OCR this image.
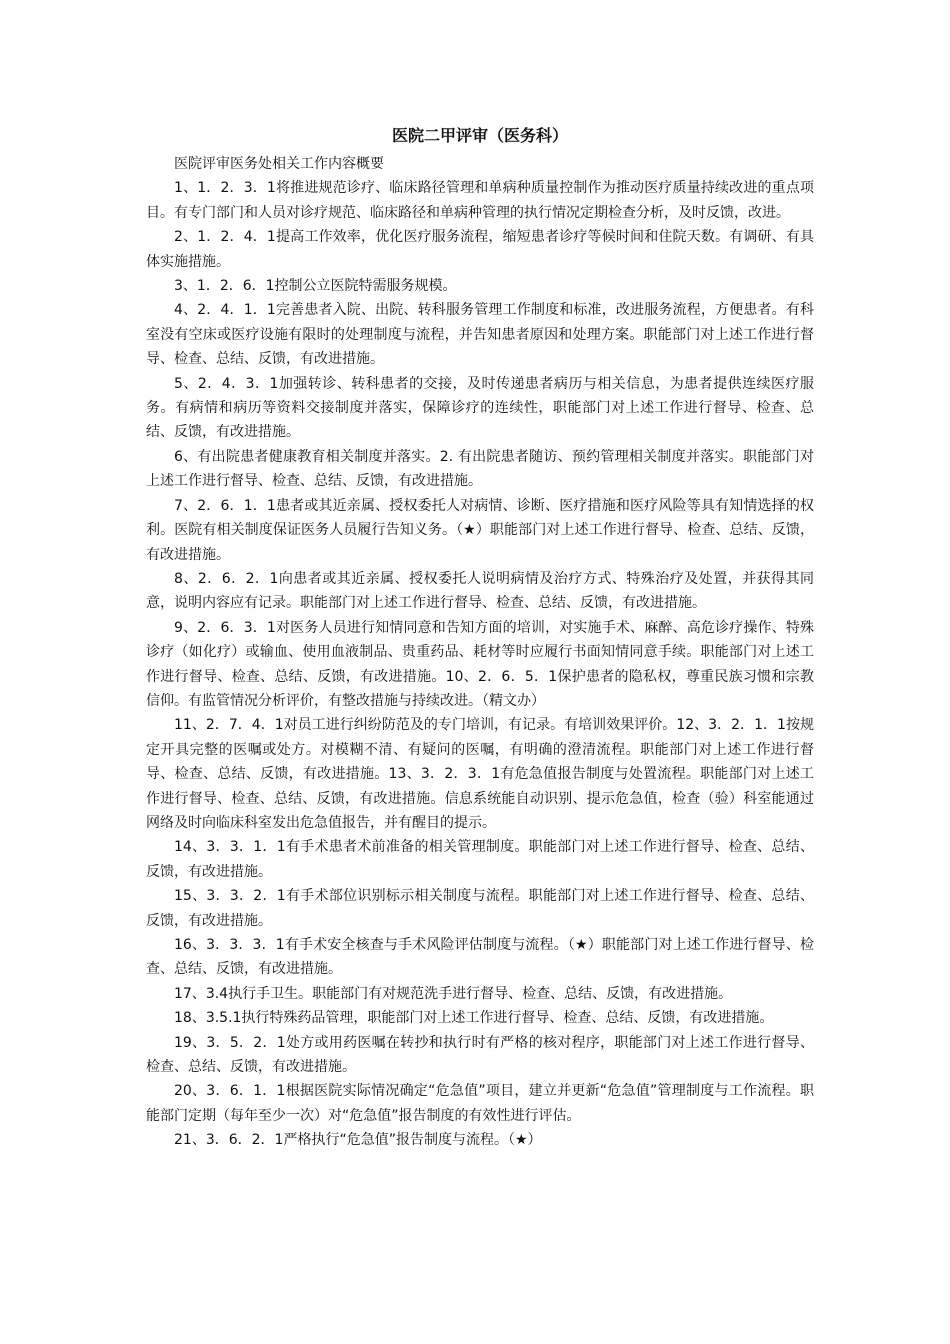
医院二甲评审（医务科）

医院评审医务处相关工作内容概要

1、1．2．3．1将推进规范诊疗、临床路径管理和单病种质量控制作为推动医疗质量持续改进的重点项目。有专门部门和人员对诊疗规范、临床路径和单病种管理的执行情况定期检查分析，及时反馈，改进。

2、1．2．4．1提高工作效率，优化医疗服务流程，缩短患者诊疗等候时间和住院天数。有调研、有具体实施措施。

3、1．2．6．1控制公立医院特需服务规模。

4、2．4．1．1完善患者入院、出院、转科服务管理工作制度和标准，改进服务流程，方便患者。有科室没有空床或医疗设施有限时的处理制度与流程，并告知患者原因和处理方案。职能部门对上述工作进行督导、检查、总结、反馈，有改进措施。

5、2．4．3．1加强转诊、转科患者的交接，及时传递患者病历与相关信息，为患者提供连续医疗服务。有病情和病历等资料交接制度并落实，保障诊疗的连续性，职能部门对上述工作进行督导、检查、总结、反馈，有改进措施。

6、有出院患者健康教育相关制度并落实。2. 有出院患者随访、预约管理相关制度并落实。职能部门对上述工作进行督导、检查、总结、反馈，有改进措施。

7、2．6．1．1患者或其近亲属、授权委托人对病情、诊断、医疗措施和医疗风险等具有知情选择的权利。医院有相关制度保证医务人员履行告知义务。（★）职能部门对上述工作进行督导、检查、总结、反馈，有改进措施。

8、2．6．2．1向患者或其近亲属、授权委托人说明病情及治疗方式、特殊治疗及处置，并获得其同意，说明内容应有记录。职能部门对上述工作进行督导、检查、总结、反馈，有改进措施。

9、2．6．3．1对医务人员进行知情同意和告知方面的培训，对实施手术、麻醉、高危诊疗操作、特殊诊疗（如化疗）或输血、使用血液制品、贵重药品、耗材等时应履行书面知情同意手续。职能部门对上述工作进行督导、检查、总结、反馈，有改进措施。10、2．6．5．1保护患者的隐私权，尊重民族习惯和宗教信仰。有监管情况分析评价，有整改措施与持续改进。（精文办）

11、2．7．4．1对员工进行纠纷防范及的专门培训，有记录。有培训效果评价。12、3．2．1．1按规定开具完整的医嘱或处方。对模糊不清、有疑问的医嘱，有明确的澄清流程。职能部门对上述工作进行督导、检查、总结、反馈，有改进措施。13、3．2．3．1有危急值报告制度与处置流程。职能部门对上述工作进行督导、检查、总结、反馈，有改进措施。信息系统能自动识别、提示危急值，检查（验）科室能通过网络及时向临床科室发出危急值报告，并有醒目的提示。

14、3．3．1．1有手术患者术前准备的相关管理制度。职能部门对上述工作进行督导、检查、总结、反馈，有改进措施。

15、3．3．2．1有手术部位识别标示相关制度与流程。职能部门对上述工作进行督导、检查、总结、反馈，有改进措施。

16、3．3．3．1有手术安全核查与手术风险评估制度与流程。（★）职能部门对上述工作进行督导、检查、总结、反馈，有改进措施。

17、3.4执行手卫生。职能部门有对规范洗手进行督导、检查、总结、反馈，有改进措施。

18、3.5.1执行特殊药品管理，职能部门对上述工作进行督导、检查、总结、反馈，有改进措施。

19、3．5．2．1处方或用药医嘱在转抄和执行时有严格的核对程序，职能部门对上述工作进行督导、检查、总结、反馈，有改进措施。

20、3．6．1．1根据医院实际情况确定“危急值”项目，建立并更新“危急值”管理制度与工作流程。职能部门定期（每年至少一次）对“危急值”报告制度的有效性进行评估。

21、3．6．2．1严格执行“危急值”报告制度与流程。（★）
